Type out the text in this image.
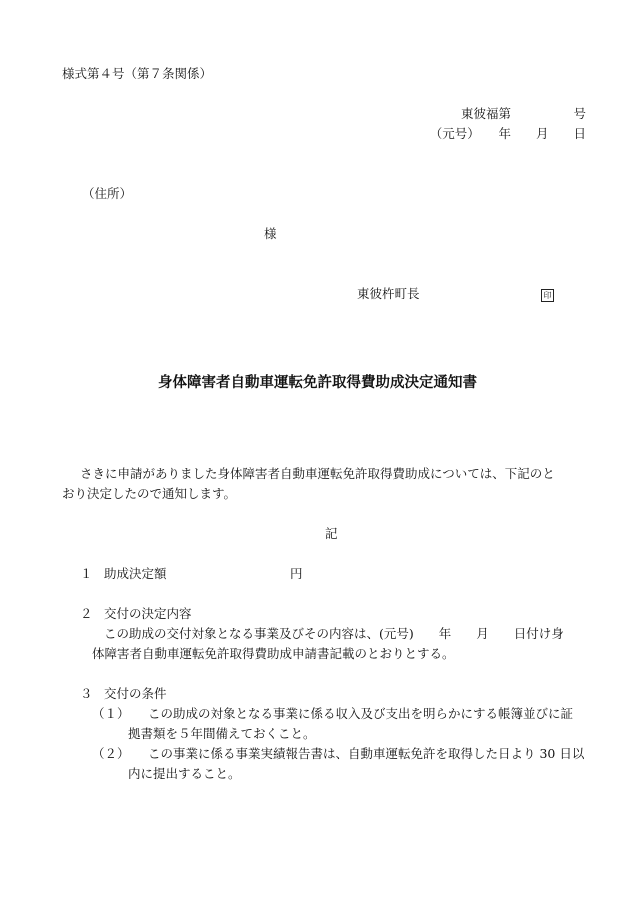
様式第４号（第７条関係）
東彼福第　　　　　号
（元号）　　年　　月　　日
（住所）
様
東彼杵町長	印
身体障害者自動車運転免許取得費助成決定通知書
さきに申請がありました身体障害者自動車運転免許取得費助成については、下記のと
おり決定したので通知します。
記
１ 助成決定額	円
２ 交付の決定内容
この助成の交付対象となる事業及びその内容は、(元号)　　年　　月　　日付け身
体障害者自動車運転免許取得費助成申請書記載のとおりとする。
３ 交付の条件
（１） この助成の対象となる事業に係る収入及び支出を明らかにする帳簿並びに証
拠書類を５年間備えておくこと。
（２） この事業に係る事業実績報告書は、自動車運転免許を取得した日より 30 日以
内に提出すること。
